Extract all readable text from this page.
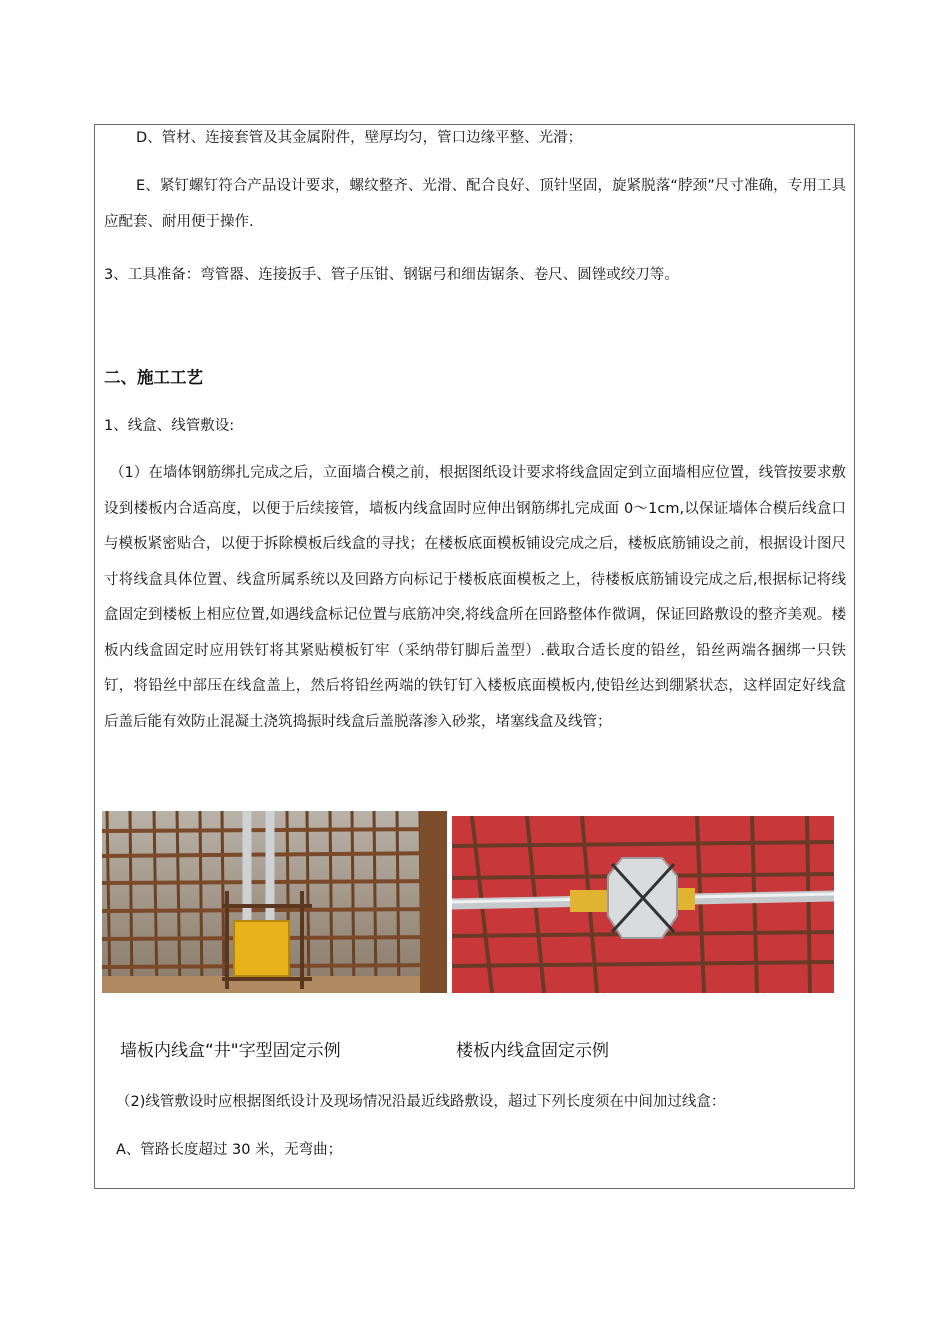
D、管材、连接套管及其金属附件，壁厚均匀，管口边缘平整、光滑；
E、紧钉螺钉符合产品设计要求，螺纹整齐、光滑、配合良好、顶针坚固，旋紧脱落“脖颈”尺寸准确，专用工具应配套、耐用便于操作.
3、工具准备：弯管器、连接扳手、管子压钳、钢锯弓和细齿锯条、卷尺、圆锉或绞刀等。
二、施工工艺
1、线盒、线管敷设:
（1）在墙体钢筋绑扎完成之后，立面墙合模之前，根据图纸设计要求将线盒固定到立面墙相应位置，线管按要求敷设到楼板内合适高度，以便于后续接管，墙板内线盒固时应伸出钢筋绑扎完成面 0～1cm,以保证墙体合模后线盒口与模板紧密贴合，以便于拆除模板后线盒的寻找；在楼板底面模板铺设完成之后，楼板底筋铺设之前，根据设计图尺寸将线盒具体位置、线盒所属系统以及回路方向标记于楼板底面模板之上，待楼板底筋铺设完成之后,根据标记将线盒固定到楼板上相应位置,如遇线盒标记位置与底筋冲突,将线盒所在回路整体作微调，保证回路敷设的整齐美观。楼板内线盒固定时应用铁钉将其紧贴模板钉牢（采纳带钉脚后盖型）.截取合适长度的铅丝，铅丝两端各捆绑一只铁钉，将铅丝中部压在线盒盖上，然后将铅丝两端的铁钉钉入楼板底面模板内,使铅丝达到绷紧状态，这样固定好线盒后盖后能有效防止混凝土浇筑捣振时线盒后盖脱落渗入砂浆，堵塞线盒及线管；
墙板内线盒“井"字型固定示例	楼板内线盒固定示例
（2)线管敷设时应根据图纸设计及现场情况沿最近线路敷设，超过下列长度须在中间加过线盒：
A、管路长度超过 30 米，无弯曲；
